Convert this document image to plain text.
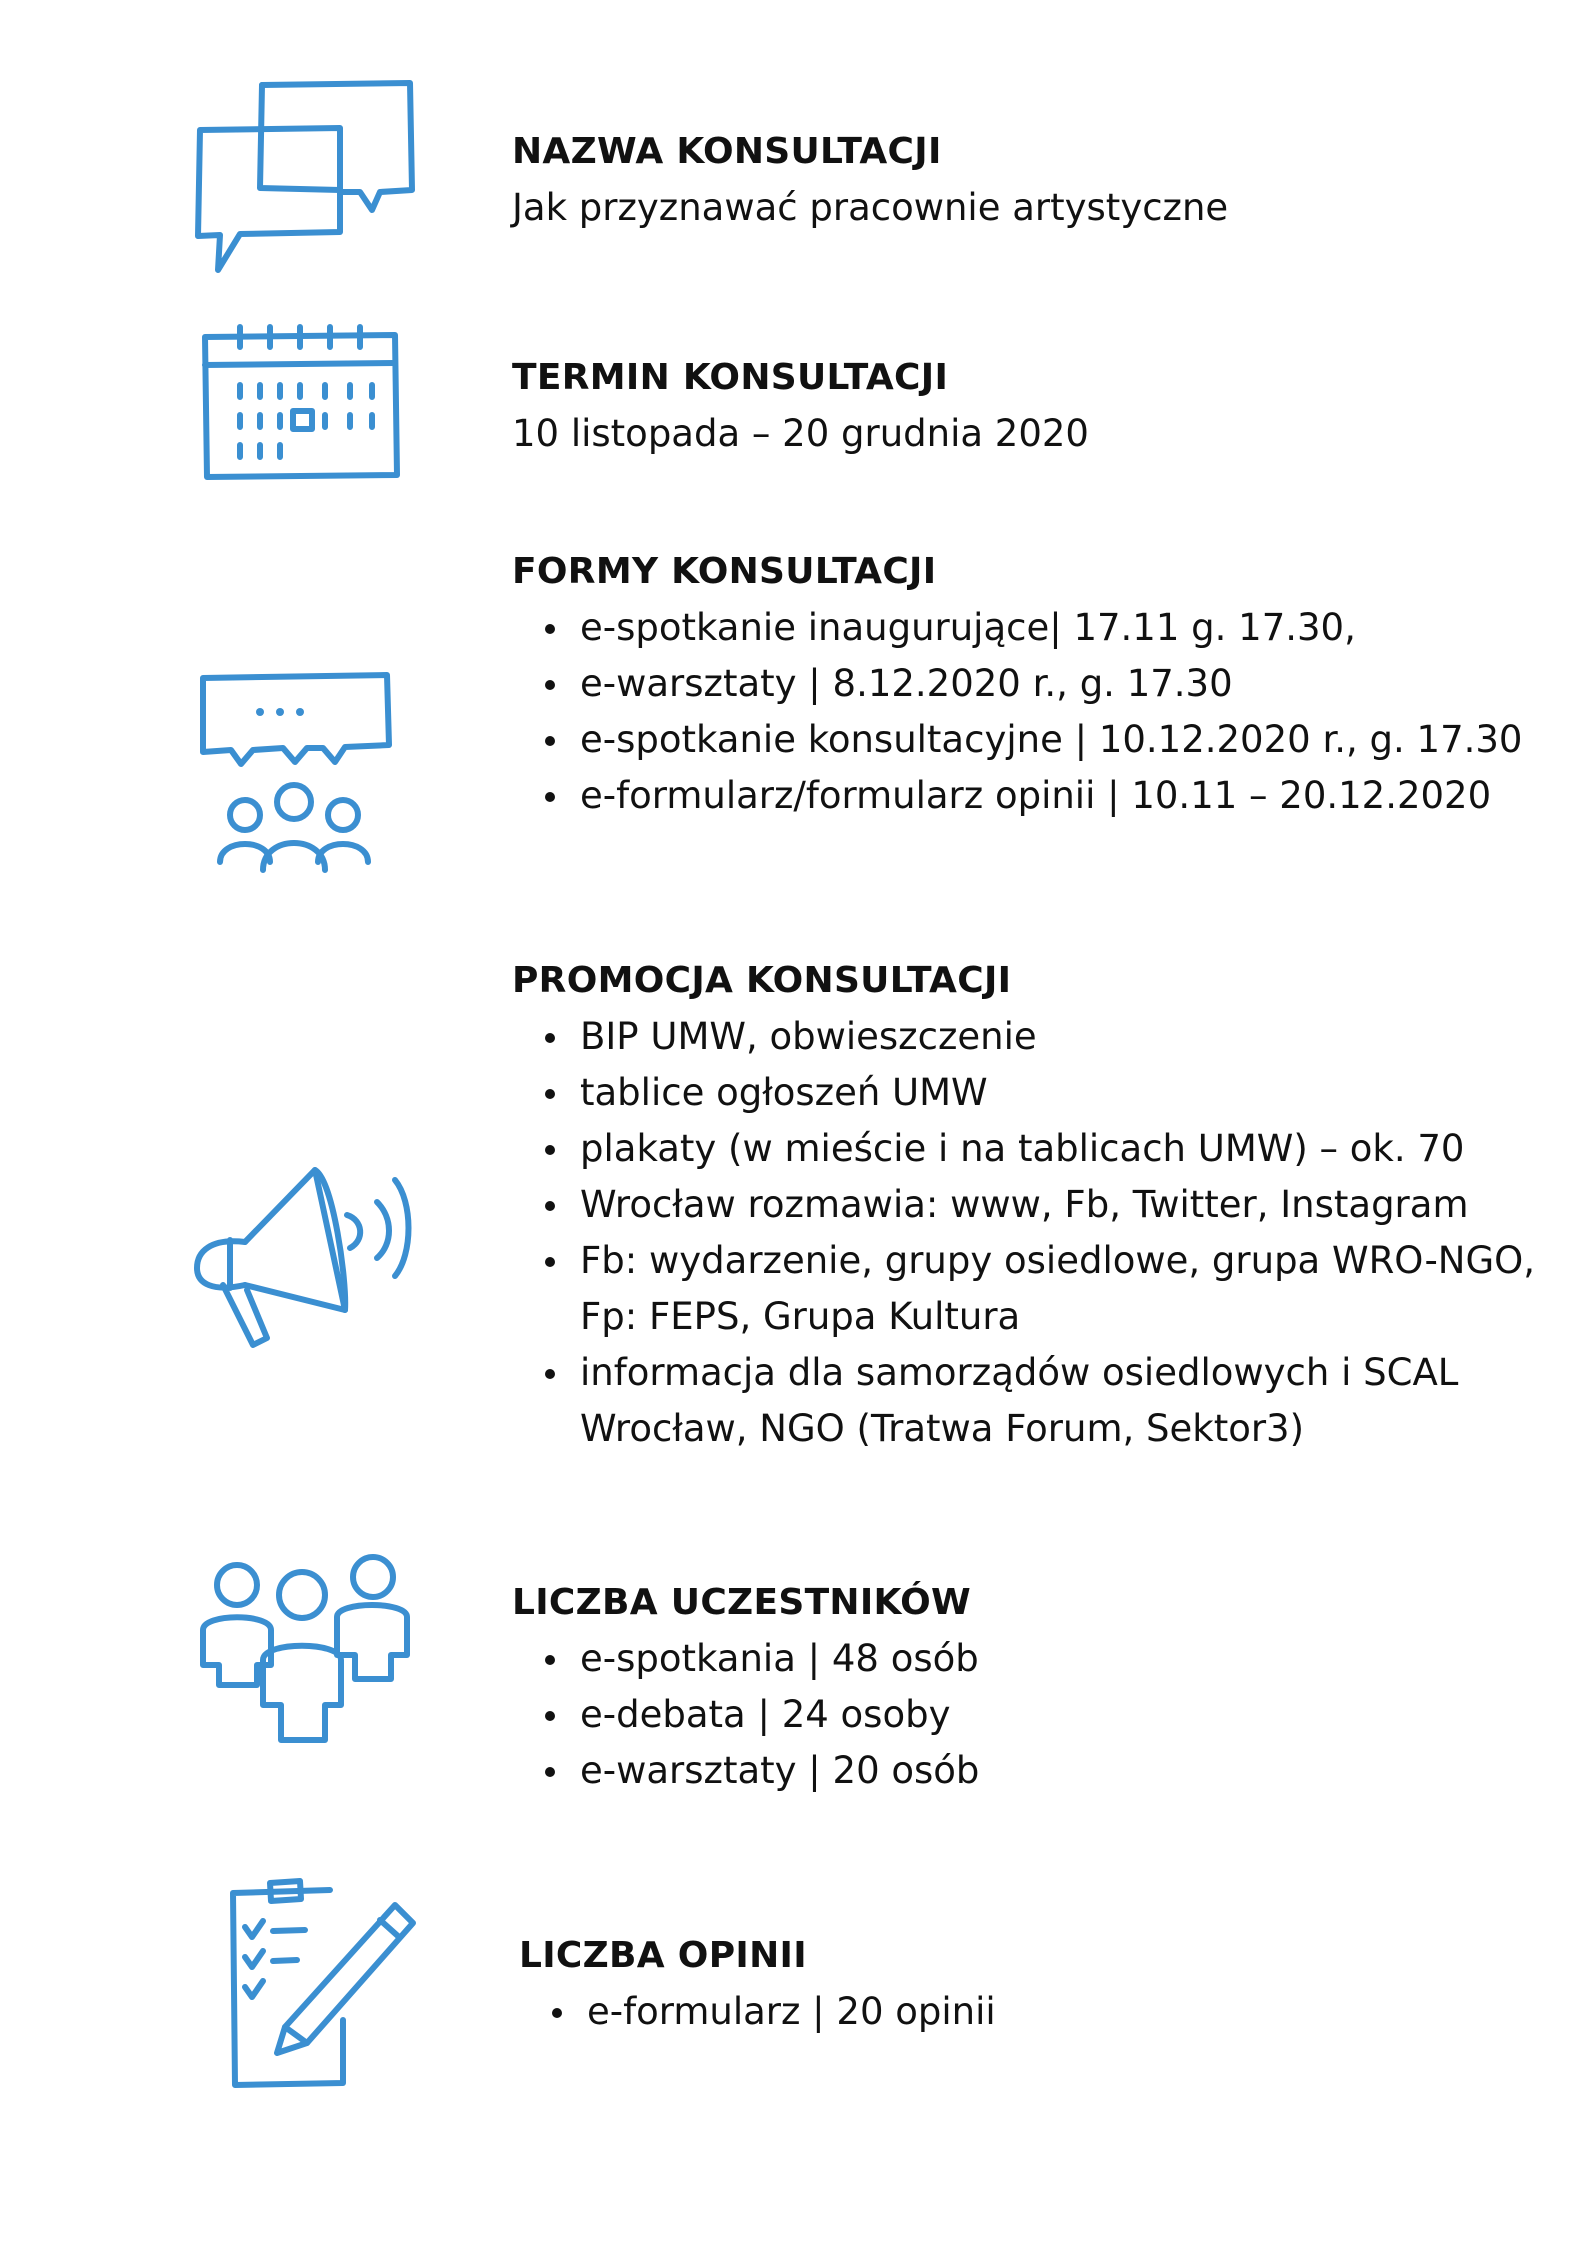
NAZWA KONSULTACJI

Jak przyznawać pracownie artystyczne

TERMIN KONSULTACJI

10 listopada – 20 grudnia 2020

FORMY KONSULTACJI
e-spotkanie inaugurujące| 17.11 g. 17.30,
e-warsztaty | 8.12.2020 r., g. 17.30
e-spotkanie konsultacyjne | 10.12.2020 r., g. 17.30
e-formularz/formularz opinii | 10.11 – 20.12.2020
PROMOCJA KONSULTACJI
BIP UMW, obwieszczenie
tablice ogłoszeń UMW
plakaty (w mieście i na tablicach UMW) – ok. 70
Wrocław rozmawia: www, Fb, Twitter, Instagram
Fb: wydarzenie, grupy osiedlowe, grupa WRO-NGO, Fp: FEPS, Grupa Kultura
informacja dla samorządów osiedlowych i SCAL Wrocław, NGO (Tratwa Forum, Sektor3)
LICZBA UCZESTNIKÓW
e-spotkania | 48 osób
e-debata | 24 osoby
e-warsztaty | 20 osób
LICZBA OPINII
e-formularz | 20 opinii
